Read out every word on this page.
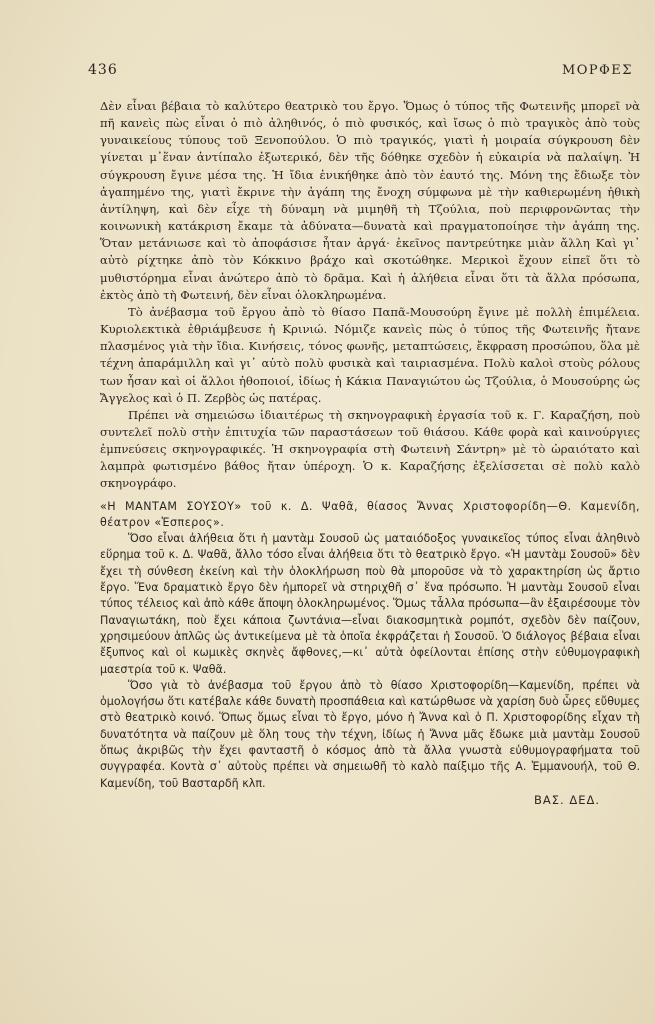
436	ΜΟΡΦΕΣ

Δὲν εἶναι βέβαια τὸ καλύτερο θεατρικὸ του ἔργο. Ὅμως ὁ τύπος τῆς Φωτεινῆς μπορεῖ νὰ πῆ κανεὶς πὼς εἶναι ὁ πιὸ ἀληθινός, ὁ πιὸ φυσικός, καὶ ἴσως ὁ πιὸ τραγικὸς ἀπὸ τοὺς γυναικείους τύπους τοῦ Ξενοπούλου. Ὁ πιὸ τραγικός, γιατὶ ἡ μοιραία σύγκρουση δὲν γίνεται μ᾽ἕναν ἀντίπαλο ἐξωτερικό, δὲν τῆς δόθηκε σχεδὸν ἡ εὐκαιρία νὰ παλαίψη. Ἡ σύγκρουση ἔγινε μέσα της. Ἡ ἴδια ἐνικήθηκε ἀπὸ τὸν ἑαυτό της. Μόνη της ἔδιωξε τὸν ἀγαπημένο της, γιατὶ ἔκρινε τὴν ἀγάπη της ἔνοχη σύμφωνα μὲ τὴν καθιερωμένη ἠθικὴ ἀντίληψη, καὶ δὲν εἶχε τὴ δύναμη νὰ μιμηθῆ τὴ Τζούλια, ποὺ περιφρονῶντας τὴν κοινωνικὴ κατάκριση ἔκαμε τὰ ἀδύνατα—δυνατὰ καὶ πραγματοποίησε τὴν ἀγάπη της. Ὅταν μετάνιωσε καὶ τὸ ἀποφάσισε ἦταν ἀργά· ἐκεῖνος παντρεύτηκε μιὰν ἄλλη Καὶ γι᾽ αὐτὸ ρίχτηκε ἀπὸ τὸν Κόκκινο βράχο καὶ σκοτώθηκε. Μερικοὶ ἔχουν εἰπεῖ ὅτι τὸ μυθιστόρημα εἶναι ἀνώτερο ἀπὸ τὸ δρᾶμα. Καὶ ἡ ἀλήθεια εἶναι ὅτι τὰ ἄλλα πρόσωπα, ἐκτὸς ἀπὸ τὴ Φωτεινή, δὲν εἶναι ὁλοκληρωμένα.

Τὸ ἀνέβασμα τοῦ ἔργου ἀπὸ τὸ θίασο Παπᾶ-Μουσούρη ἔγινε μὲ πολλὴ ἐπιμέλεια. Κυριολεκτικὰ ἐθριάμβευσε ἡ Κρινιώ. Νόμιζε κανεὶς πὼς ὁ τύπος τῆς Φωτεινῆς ἤτανε πλασμένος γιὰ τὴν ἴδια. Κινήσεις, τόνος φωνῆς, μεταπτώσεις, ἔκφραση προσώπου, ὅλα μὲ τέχνη ἀπαράμιλλη καὶ γι᾽ αὐτὸ πολὺ φυσικὰ καὶ ταιριασμένα. Πολὺ καλοὶ στοὺς ρόλους των ἦσαν καὶ οἱ ἄλλοι ἠθοποιοί, ἰδίως ἡ Κάκια Παναγιώτου ὡς Τζούλια, ὁ Μουσούρης ὡς Ἄγγελος καὶ ὁ Π. Ζερβὸς ὡς πατέρας.

Πρέπει νὰ σημειώσω ἰδιαιτέρως τὴ σκηνογραφικὴ ἐργασία τοῦ κ. Γ. Καραζήση, ποὺ συντελεῖ πολὺ στὴν ἐπιτυχία τῶν παραστάσεων τοῦ θιάσου. Κάθε φορὰ καὶ καινούργιες ἐμπνεύσεις σκηνογραφικές. Ἡ σκηνογραφία στὴ Φωτεινὴ Σάντρη» μὲ τὸ ὡραιότατο καὶ λαμπρὰ φωτισμένο βάθος ἤταν ὑπέροχη. Ὁ κ. Καραζήσης ἐξελίσσεται σὲ πολὺ καλὸ σκηνογράφο.

«Η ΜΑΝΤΑΜ ΣΟΥΣΟΥ» τοῦ κ. Δ. Ψαθᾶ, θίασος Ἄννας Χριστοφορίδη—Θ. Καμενίδη, θέατρον «Ἑσπερος».

Ὅσο εἶναι ἀλήθεια ὅτι ἡ μαντὰμ Σουσοῦ ὡς ματαιόδοξος γυναικεῖος τύπος εἶναι ἀληθινὸ εὕρημα τοῦ κ. Δ. Ψαθᾶ, ἄλλο τόσο εἶναι ἀλήθεια ὅτι τὸ θεατρικὸ ἔργο. «Ἡ μαντὰμ Σουσοῦ» δὲν ἔχει τὴ σύνθεση ἐκείνη καὶ τὴν ὁλοκλήρωση ποὺ θὰ μποροῦσε νὰ τὸ χαρακτηρίση ὡς ἄρτιο ἔργο. Ἕνα δραματικὸ ἔργο δὲν ἠμπορεῖ νὰ στηριχθῆ σ᾽ ἕνα πρόσωπο. Ἡ μαντὰμ Σουσοῦ εἶναι τύπος τέλειος καὶ ἀπὸ κάθε ἄποψη ὁλοκληρωμένος. Ὅμως τἆλλα πρόσωπα—ἂν ἐξαιρέσουμε τὸν Παναγιωτάκη, ποὺ ἔχει κάποια ζωντάνια—εἶναι διακοσμητικὰ ρομπότ, σχεδὸν δὲν παίζουν, χρησιμεύουν ἁπλῶς ὡς ἀντικείμενα μὲ τὰ ὁποῖα ἐκφράζεται ἡ Σουσοῦ. Ὁ διάλογος βέβαια εἶναι ἔξυπνος καὶ οἱ κωμικὲς σκηνὲς ἄφθονες,—κι᾽ αὐτὰ ὀφείλονται ἐπίσης στὴν εὐθυμογραφικὴ μαεστρία τοῦ κ. Ψαθᾶ.

Ὅσο γιὰ τὸ ἀνέβασμα τοῦ ἔργου ἀπὸ τὸ θίασο Χριστοφορίδη—Καμενίδη, πρέπει νὰ ὁμολογήσω ὅτι κατέβαλε κάθε δυνατὴ προσπάθεια καὶ κατώρθωσε νὰ χαρίση δυὸ ὧρες εὔθυμες στὸ θεατρικὸ κοινό. Ὅπως ὅμως εἶναι τὸ ἔργο, μόνο ἡ Ἄννα καὶ ὁ Π. Χριστοφορίδης εἶχαν τὴ δυνατότητα νὰ παίζουν μὲ ὅλη τους τὴν τέχνη, ἰδίως ἡ Ἄννα μᾶς ἔδωκε μιὰ μαντὰμ Σουσοῦ ὅπως ἀκριβῶς τὴν ἔχει φανταστῆ ὁ κόσμος ἀπὸ τὰ ἄλλα γνωστὰ εὐθυμογραφήματα τοῦ συγγραφέα. Κοντὰ σ᾽ αὐτοὺς πρέπει νὰ σημειωθῆ τὸ καλὸ παίξιμο τῆς Α. Ἐμμανουήλ, τοῦ Θ. Καμενίδη, τοῦ Βασταρδῆ κλπ.

ΒΑΣ. ΔΕΔ.
